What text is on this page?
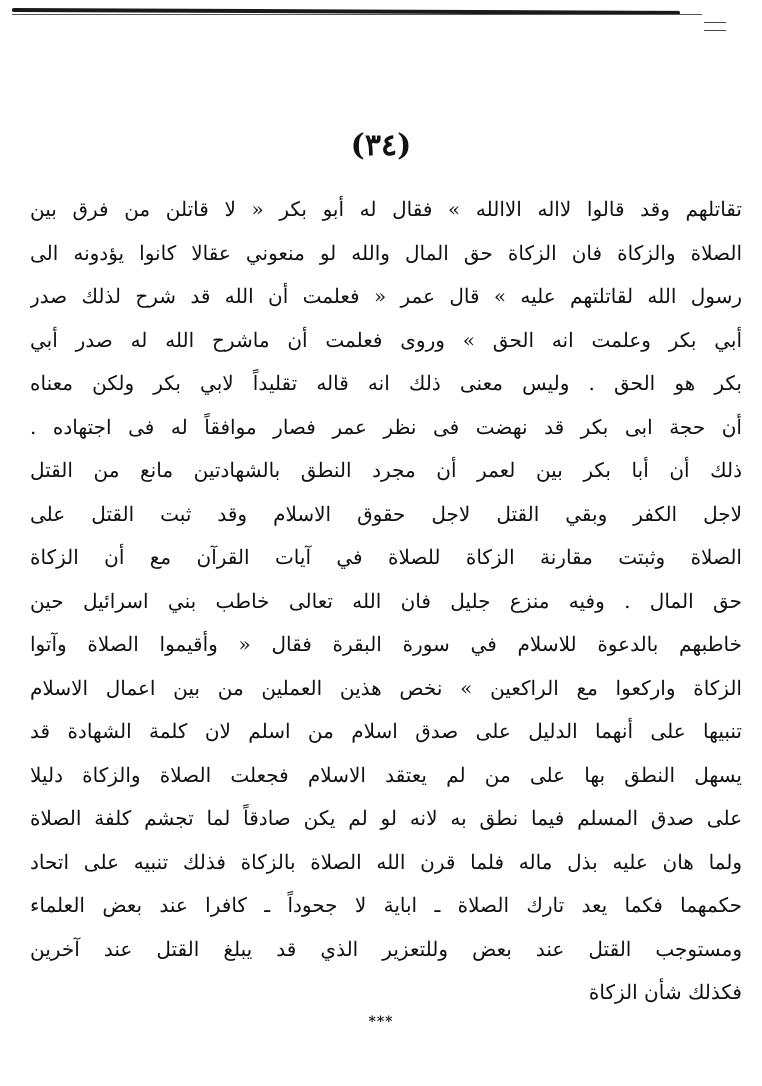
(٣٤)
تقاتلهم وقد قالوا لااله الاالله » فقال له أبو بكر « لا قاتلن من فرق بين
الصلاة والزكاة فان الزكاة حق المال والله لو منعوني عقالا كانوا يؤدونه الى
رسول الله لقاتلتهم عليه » قال عمر « فعلمت أن الله قد شرح لذلك صدر
أبي بكر وعلمت انه الحق » وروى فعلمت أن ماشرح الله له صدر أبي
بكر هو الحق . وليس معنى ذلك انه قاله تقليداً لابي بكر ولكن معناه
أن حجة ابى بكر قد نهضت فى نظر عمر فصار موافقاً له فى اجتهاده .
ذلك أن أبا بكر بين لعمر أن مجرد النطق بالشهادتين مانع من القتل
لاجل الكفر وبقي القتل لاجل حقوق الاسلام وقد ثبت القتل على
الصلاة وثبتت مقارنة الزكاة للصلاة في آيات القرآن مع أن الزكاة
حق المال . وفيه منزع جليل فان الله تعالى خاطب بني اسرائيل حين
خاطبهم بالدعوة للاسلام في سورة البقرة فقال « وأقيموا الصلاة وآتوا
الزكاة واركعوا مع الراكعين » نخص هذين العملين من بين اعمال الاسلام
تنبيها على أنهما الدليل على صدق اسلام من اسلم لان كلمة الشهادة قد
يسهل النطق بها على من لم يعتقد الاسلام فجعلت الصلاة والزكاة دليلا
على صدق المسلم فيما نطق به لانه لو لم يكن صادقاً لما تجشم كلفة الصلاة
ولما هان عليه بذل ماله فلما قرن الله الصلاة بالزكاة فذلك تنبيه على اتحاد
حكمهما فكما يعد تارك الصلاة ـ اباية لا جحوداً ـ كافرا عند بعض العلماء
ومستوجب القتل عند بعض وللتعزير الذي قد يبلغ القتل عند آخرين
فكذلك شأن الزكاة
***
